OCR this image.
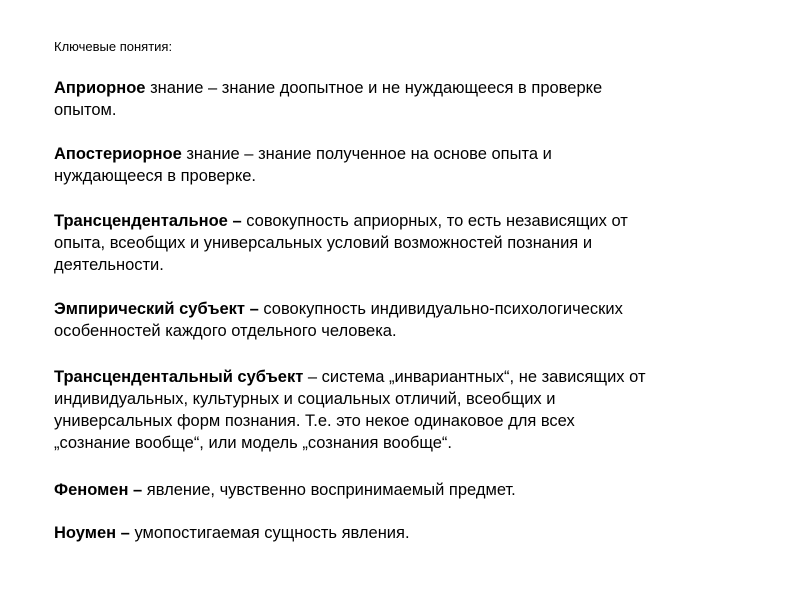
Ключевые понятия:
Априорное знание – знание доопытное и не нуждающееся в проверке
опытом.
Апостериорное знание – знание полученное на основе опыта и
нуждающееся в проверке.
Трансцендентальное – совокупность априорных, то есть независящих от
опыта, всеобщих и универсальных условий возможностей познания и
деятельности.
Эмпирический субъект – совокупность индивидуально-психологических
особенностей каждого отдельного человека.
Трансцендентальный субъект – система „инвариантных“, не зависящих от
индивидуальных, культурных и социальных отличий, всеобщих и
универсальных форм познания. Т.е. это некое одинаковое для всех
„сознание вообще“, или модель „сознания вообще“.
Феномен – явление, чувственно воспринимаемый предмет.
Ноумен – умопостигаемая сущность явления.
